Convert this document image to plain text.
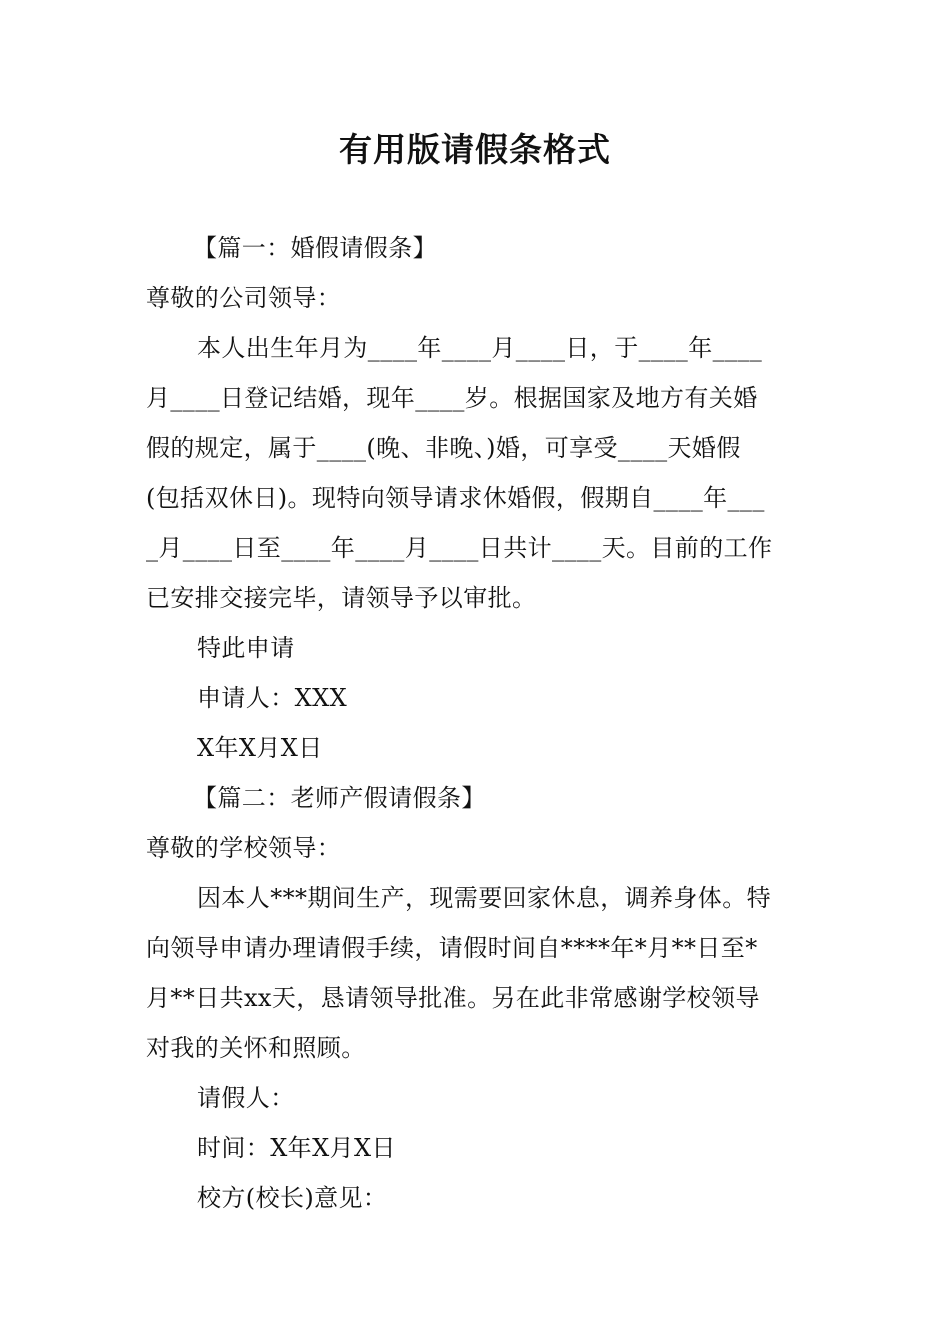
有用版请假条格式

【篇一：婚假请假条】

尊敬的公司领导：

本人出生年月为____年____月____日，于____年____

月____日登记结婚，现年____岁。根据国家及地方有关婚

假的规定，属于____(晚、非晚、)婚，可享受____天婚假

(包括双休日)。现特向领导请求休婚假，假期自____年___

_月____日至____年____月____日共计____天。目前的工作

已安排交接完毕，请领导予以审批。

特此申请

申请人：XXX

X年X月X日

【篇二：老师产假请假条】

尊敬的学校领导：

因本人***期间生产，现需要回家休息，调养身体。特

向领导申请办理请假手续，请假时间自****年*月**日至*

月**日共xx天，恳请领导批准。另在此非常感谢学校领导

对我的关怀和照顾。

请假人：

时间：X年X月X日

校方(校长)意见：
